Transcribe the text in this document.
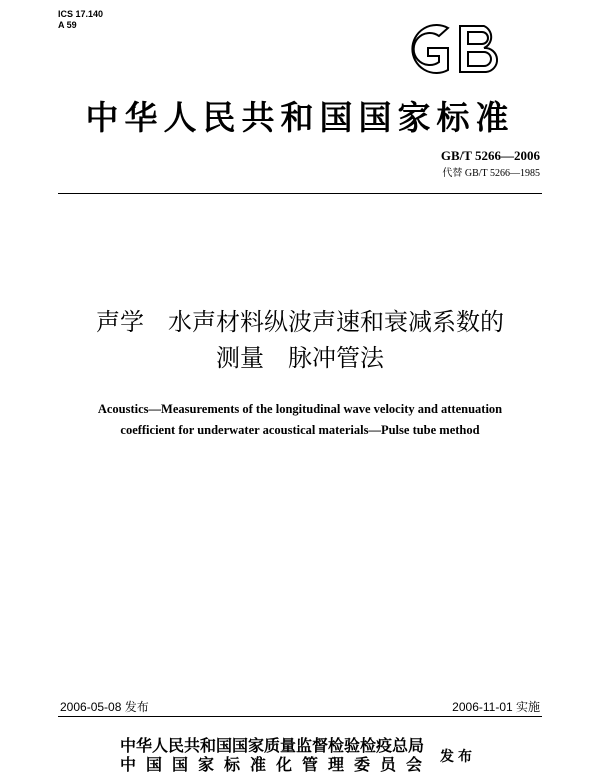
ICS 17.140
A 59
中华人民共和国国家标准
GB/T 5266—2006
代替 GB/T 5266—1985
声学　水声材料纵波声速和衰减系数的
测量　脉冲管法
Acoustics—Measurements of the longitudinal wave velocity and attenuation
coefficient for underwater acoustical materials—Pulse tube method
2006-05-08 发布	2006-11-01 实施
中华人民共和国国家质量监督检验检疫总局
中国国家标准化管理委员会 发布
